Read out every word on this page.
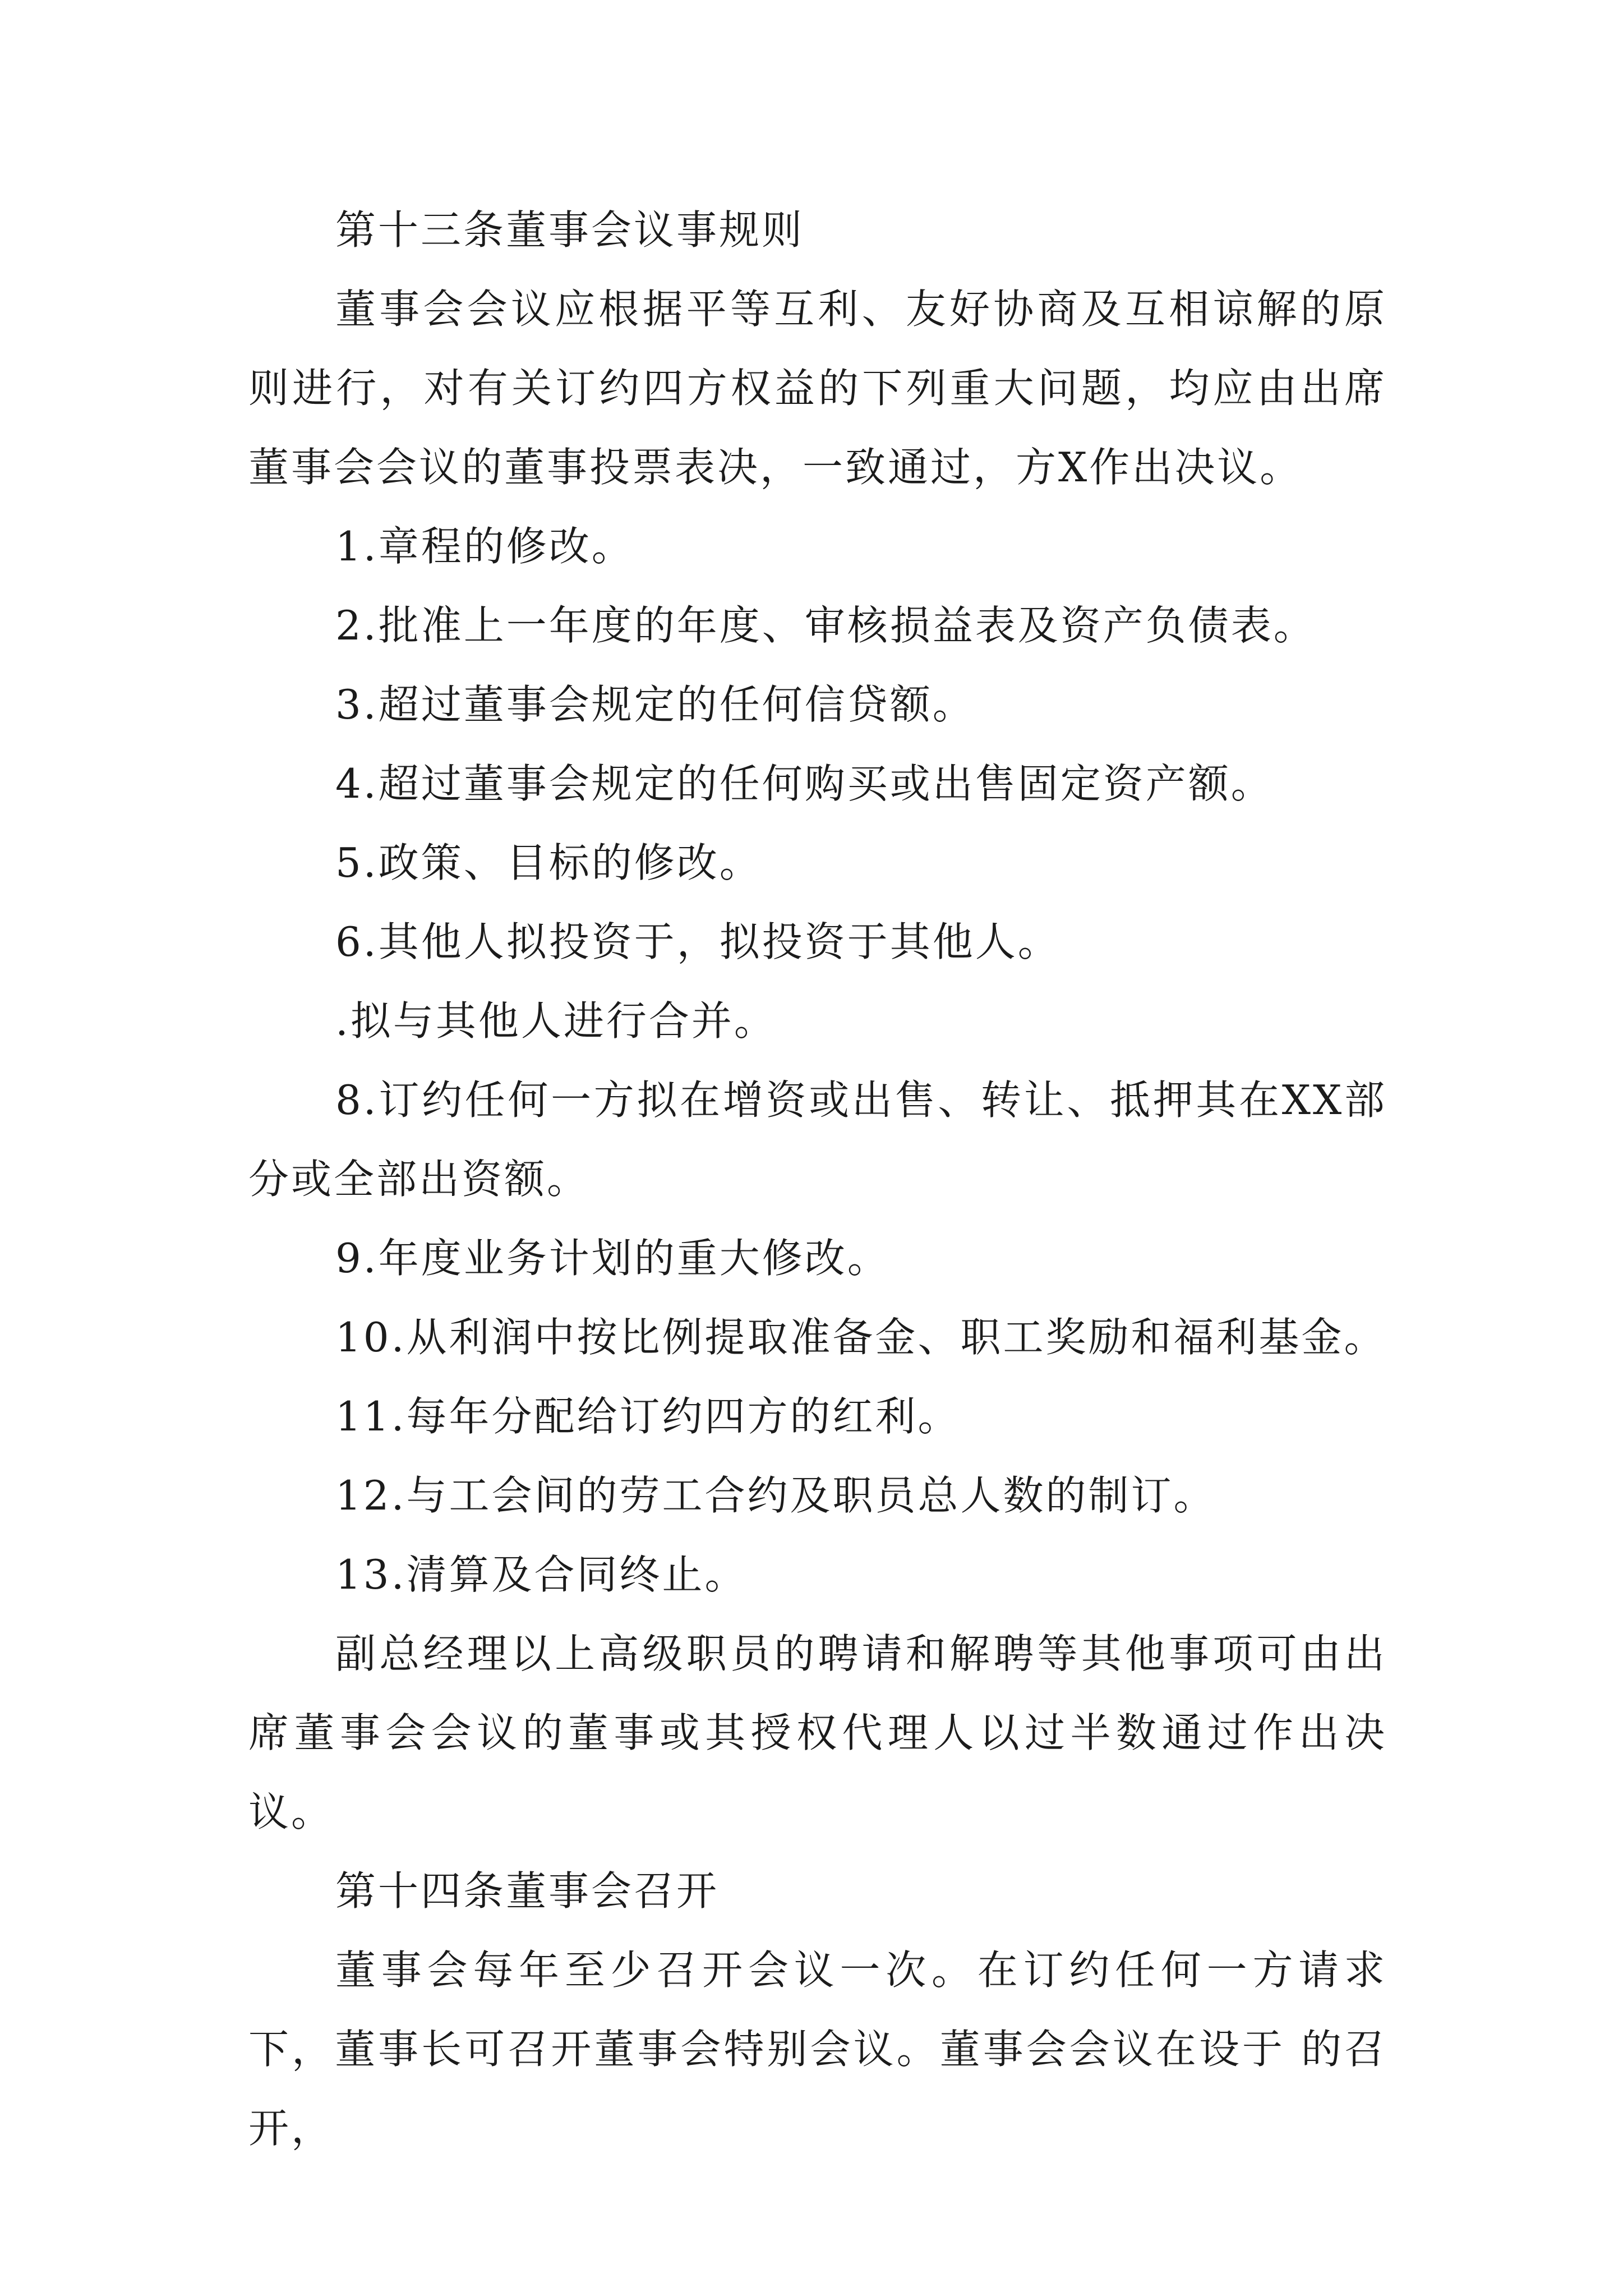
第十三条董事会议事规则

董事会会议应根据平等互利、友好协商及互相谅解的原则进行，对有关订约四方权益的下列重大问题，均应由出席董事会会议的董事投票表决，一致通过，方X作出决议。

1.章程的修改。

2.批准上一年度的年度、审核损益表及资产负债表。

3.超过董事会规定的任何信贷额。

4.超过董事会规定的任何购买或出售固定资产额。

5.政策、目标的修改。

6.其他人拟投资于，拟投资于其他人。

.拟与其他人进行合并。

8.订约任何一方拟在增资或出售、转让、抵押其在XX部分或全部出资额。

9.年度业务计划的重大修改。

10.从利润中按比例提取准备金、职工奖励和福利基金。

11.每年分配给订约四方的红利。

12.与工会间的劳工合约及职员总人数的制订。

13.清算及合同终止。

副总经理以上高级职员的聘请和解聘等其他事项可由出席董事会会议的董事或其授权代理人以过半数通过作出决议。

第十四条董事会召开

董事会每年至少召开会议一次。在订约任何一方请求下，董事长可召开董事会特别会议。董事会会议在设于 的召开，
